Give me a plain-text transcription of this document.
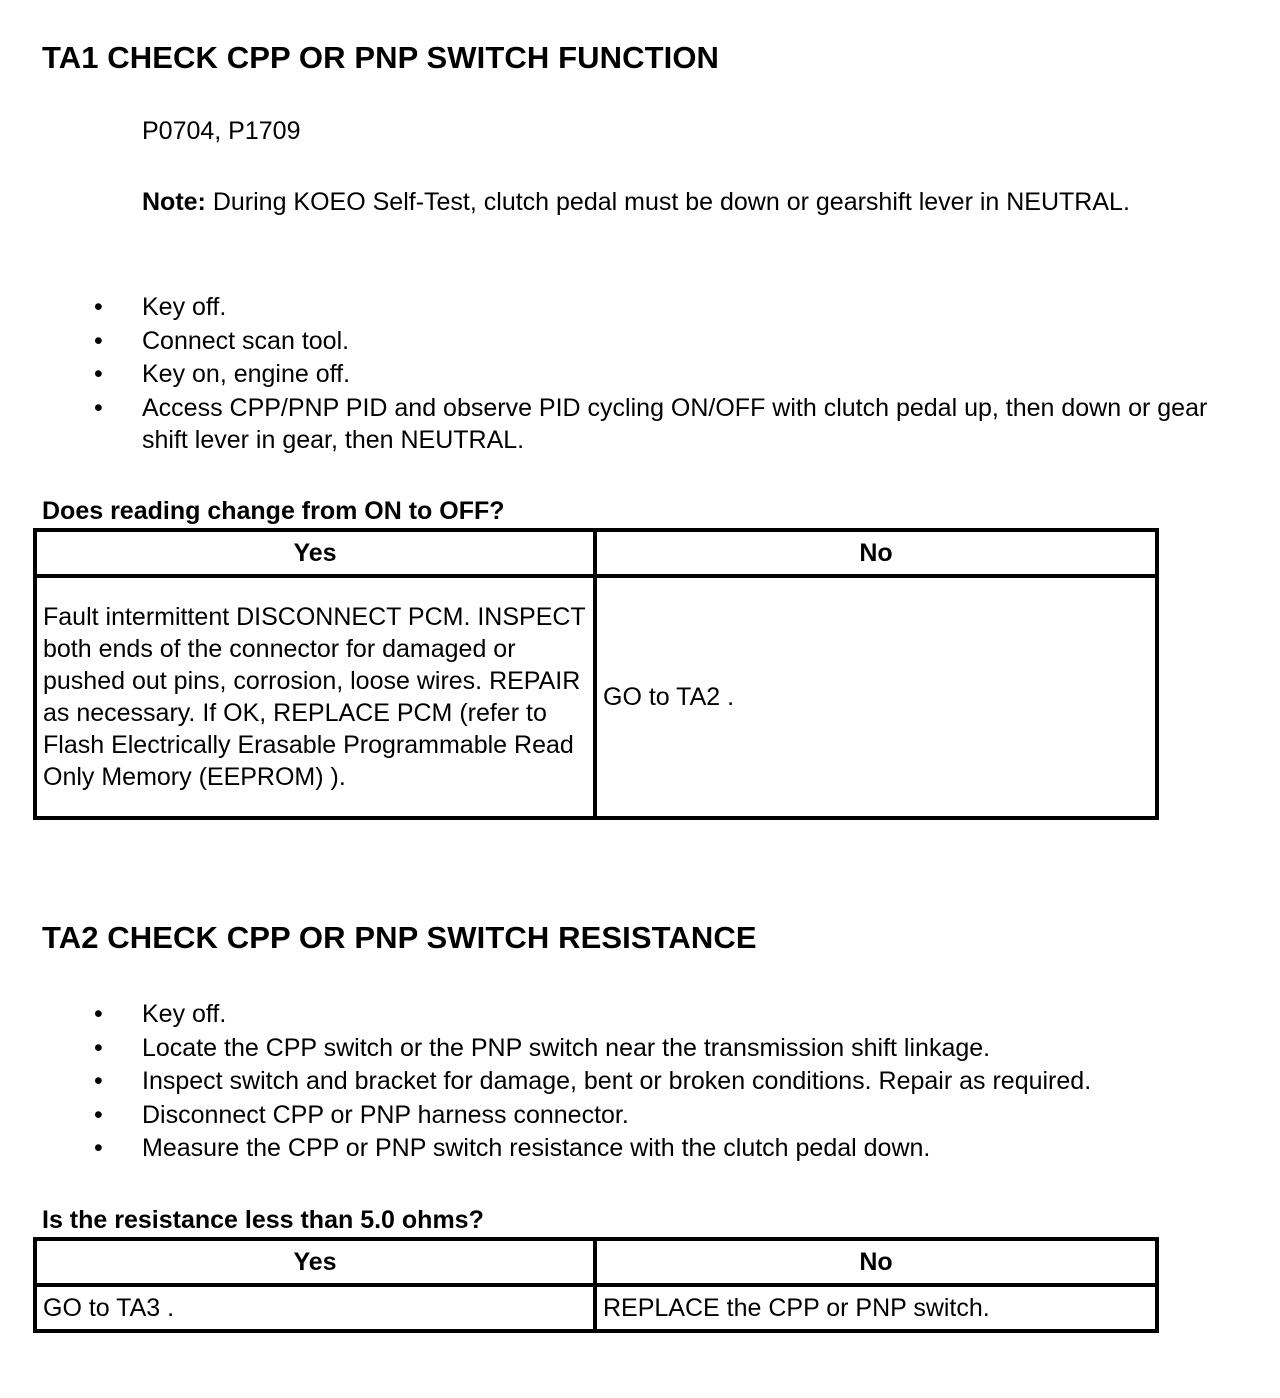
TA1 CHECK CPP OR PNP SWITCH FUNCTION
P0704, P1709
Note: During KOEO Self-Test, clutch pedal must be down or gearshift lever in NEUTRAL.
• Key off.
• Connect scan tool.
• Key on, engine off.
• Access CPP/PNP PID and observe PID cycling ON/OFF with clutch pedal up, then down or gear shift lever in gear, then NEUTRAL.
Does reading change from ON to OFF?
Yes	No
Fault intermittent DISCONNECT PCM. INSPECT both ends of the connector for damaged or pushed out pins, corrosion, loose wires. REPAIR as necessary. If OK, REPLACE PCM (refer to Flash Electrically Erasable Programmable Read Only Memory (EEPROM) ).	GO to TA2 .
TA2 CHECK CPP OR PNP SWITCH RESISTANCE
• Key off.
• Locate the CPP switch or the PNP switch near the transmission shift linkage.
• Inspect switch and bracket for damage, bent or broken conditions. Repair as required.
• Disconnect CPP or PNP harness connector.
• Measure the CPP or PNP switch resistance with the clutch pedal down.
Is the resistance less than 5.0 ohms?
Yes	No
GO to TA3 .	REPLACE the CPP or PNP switch.
